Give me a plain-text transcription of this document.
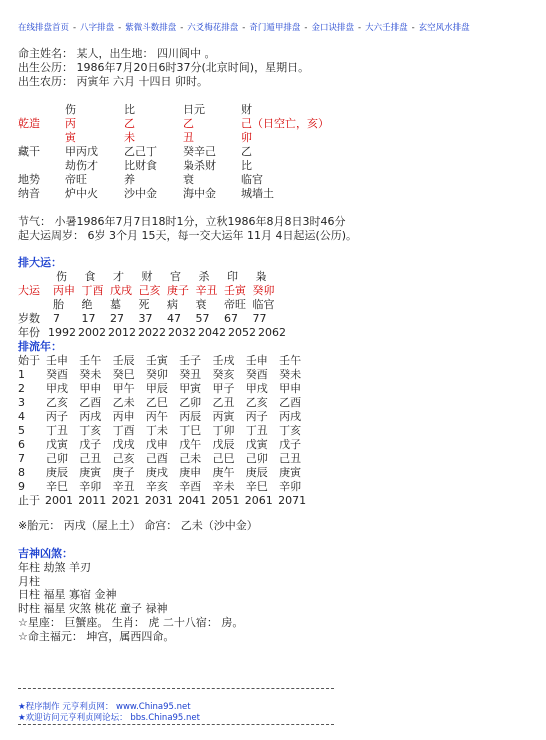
在线排盘首页 - 八字排盘 - 紫微斗数排盘 - 六爻梅花排盘 - 奇门遁甲排盘 - 金口诀排盘 - 大六壬排盘 - 玄空风水排盘
命主姓名： 某人，出生地： 四川阆中 。
出生公历： 1986年7月20日6时37分(北京时间)，星期日。
出生农历： 丙寅年 六月 十四日 卯时。
伤	比	日元	财
乾造 丙	乙	乙	己（日空亡，亥）
寅	未	丑	卯
藏干 甲丙戊 乙己丁 癸辛己 乙
劫伤才 比财食 枭杀财 比
地势 帝旺	养	衰	临官
纳音 炉中火 沙中金 海中金 城墙土
节气： 小暑1986年7月7日18时1分，立秋1986年8月8日3时46分
起大运周岁： 6岁 3个月 15天，每一交大运年 11月 4日起运(公历)。
排大运：
伤 食 才 财 官 杀 印 枭
大运 丙申 丁酉 戊戌 己亥 庚子 辛丑 壬寅 癸卯
胎 绝 墓 死 病 衰 帝旺 临官
岁数 7 17 27 37 47 57 67 77
年份 1992 2002 2012 2022 2032 2042 2052 2062
排流年：
始于 壬申 壬午 壬辰 壬寅 壬子 壬戌 壬申 壬午
1 癸酉 癸未 癸巳 癸卯 癸丑 癸亥 癸酉 癸未
2 甲戌 甲申 甲午 甲辰 甲寅 甲子 甲戌 甲申
3 乙亥 乙酉 乙未 乙巳 乙卯 乙丑 乙亥 乙酉
4 丙子 丙戌 丙申 丙午 丙辰 丙寅 丙子 丙戌
5 丁丑 丁亥 丁酉 丁未 丁巳 丁卯 丁丑 丁亥
6 戊寅 戊子 戊戌 戊申 戊午 戊辰 戊寅 戊子
7 己卯 己丑 己亥 己酉 己未 己巳 己卯 己丑
8 庚辰 庚寅 庚子 庚戌 庚申 庚午 庚辰 庚寅
9 辛巳 辛卯 辛丑 辛亥 辛酉 辛未 辛巳 辛卯
止于 2001 2011 2021 2031 2041 2051 2061 2071
※胎元： 丙戌（屋上土） 命宫： 乙未（沙中金）
吉神凶煞：
年柱 劫煞 羊刃
月柱
日柱 福星 寡宿 金神
时柱 福星 灾煞 桃花 童子 禄神
☆星座： 巨蟹座。 生肖： 虎 二十八宿： 房。
☆命主福元： 坤宫，属西四命。
★程序制作 元亨利贞网： www.China95.net
★欢迎访问元亨利贞网论坛： bbs.China95.net
